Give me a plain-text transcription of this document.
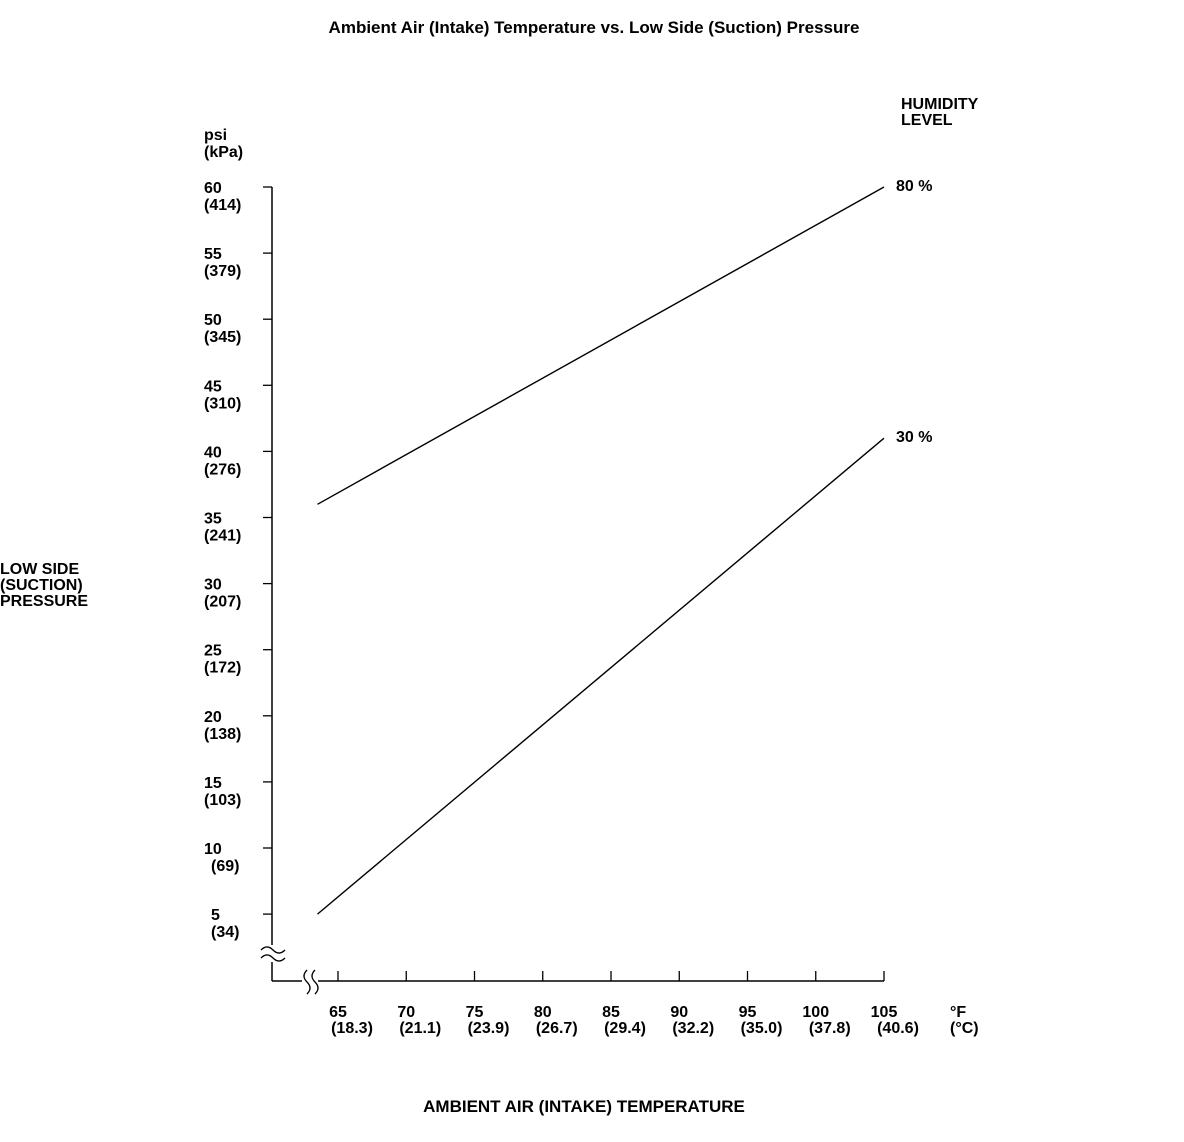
Ambient Air (Intake) Temperature vs. Low Side (Suction) Pressure
LOW SIDE
(SUCTION)
PRESSURE
psi
(kPa)
HUMIDITY
LEVEL
°F
(°C)
AMBIENT AIR (INTAKE) TEMPERATURE
5
(34)
10
(69)
15
(103)
20
(138)
25
(172)
30
(207)
35
(241)
40
(276)
45
(310)
50
(345)
55
(379)
60
(414)
65
(18.3)
70
(21.1)
75
(23.9)
80
(26.7)
85
(29.4)
90
(32.2)
95
(35.0)
100
(37.8)
105
(40.6)
80 %
30 %
